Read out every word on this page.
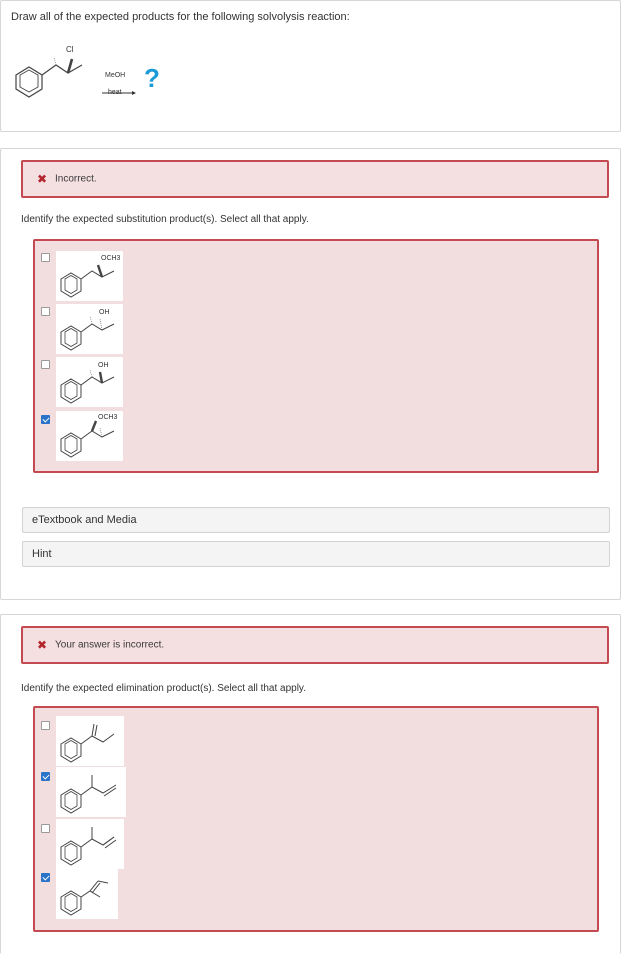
Draw all of the expected products for the following solvolysis reaction:
Cl
MeOH
heat ?
✖ Incorrect.
Identify the expected substitution product(s). Select all that apply.
OCH3
OH
OH
OCH3
eTextbook and Media
Hint
✖ Your answer is incorrect.
Identify the expected elimination product(s). Select all that apply.
